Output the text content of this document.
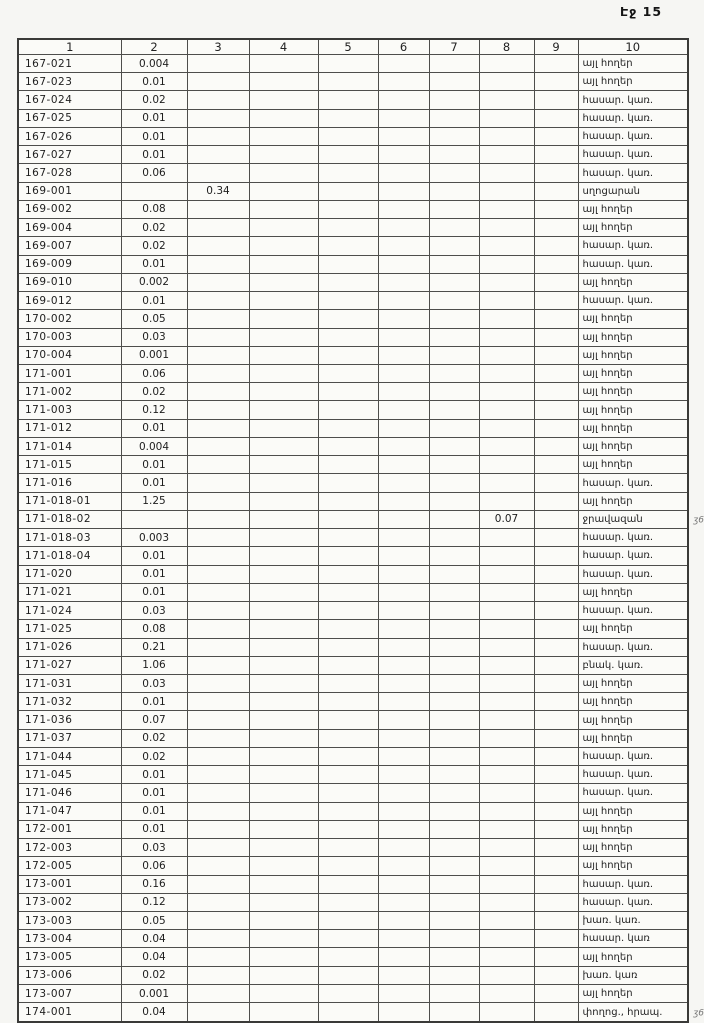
Էջ 15
1	2	3	4	5	6	7	8	9	10
167-021	0.004								այլ հողեր
167-023	0.01								այլ հողեր
167-024	0.02								հասար. կառ.
167-025	0.01								հասար. կառ.
167-026	0.01								հասար. կառ.
167-027	0.01								հասար. կառ.
167-028	0.06								հասար. կառ.
169-001		0.34							սղոցարան
169-002	0.08								այլ հողեր
169-004	0.02								այլ հողեր
169-007	0.02								հասար. կառ.
169-009	0.01								հասար. կառ.
169-010	0.002								այլ հողեր
169-012	0.01								հասար. կառ.
170-002	0.05								այլ հողեր
170-003	0.03								այլ հողեր
170-004	0.001								այլ հողեր
171-001	0.06								այլ հողեր
171-002	0.02								այլ հողեր
171-003	0.12								այլ հողեր
171-012	0.01								այլ հողեր
171-014	0.004								այլ հողեր
171-015	0.01								այլ հողեր
171-016	0.01								հասար. կառ.
171-018-01	1.25								այլ հողեր
171-018-02							0.07		ջրավազան ʒ6

171-018-03	0.003								հասար. կառ.
171-018-04	0.01								հասար. կառ.
171-020	0.01								հասար. կառ.
171-021	0.01								այլ հողեր
171-024	0.03								հասար. կառ.
171-025	0.08								այլ հողեր
171-026	0.21								հասար. կառ.
171-027	1.06								բնակ. կառ.
171-031	0.03								այլ հողեր
171-032	0.01								այլ հողեր
171-036	0.07								այլ հողեր
171-037	0.02								այլ հողեր
171-044	0.02								հասար. կառ.
171-045	0.01								հասար. կառ.
171-046	0.01								հասար. կառ.
171-047	0.01								այլ հողեր
172-001	0.01								այլ հողեր
172-003	0.03								այլ հողեր
172-005	0.06								այլ հողեր
173-001	0.16								հասար. կառ.
173-002	0.12								հասար. կառ.
173-003	0.05								խառ. կառ.
173-004	0.04								հասար. կառ
173-005	0.04								այլ հողեր
173-006	0.02								խառ. կառ
173-007	0.001								այլ հողեր
174-001	0.04								փողոց., հրապ. ʒ6
